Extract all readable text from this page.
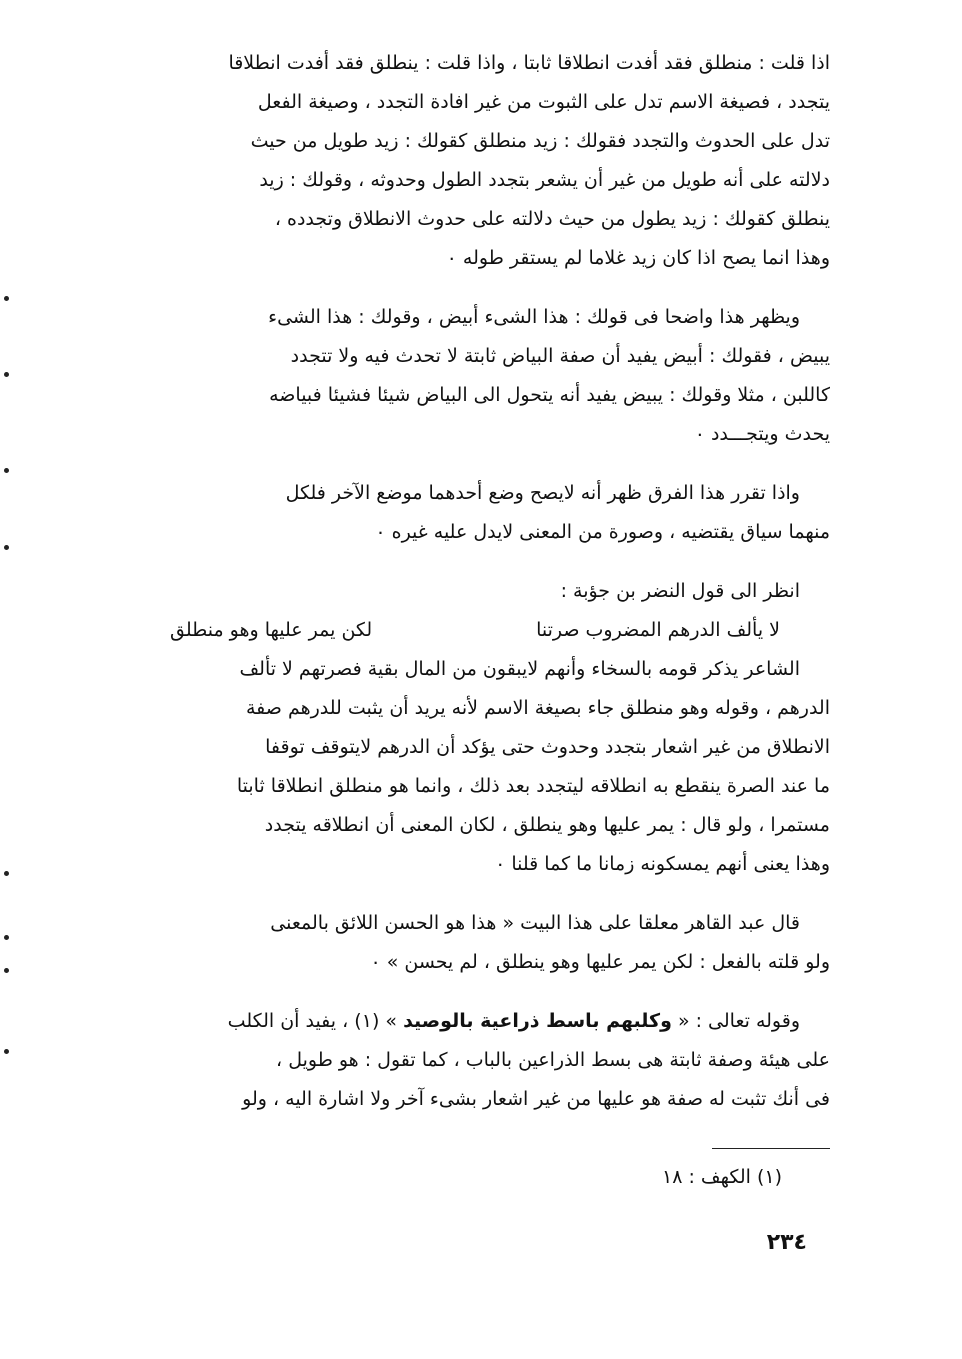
اذا قلت : منطلق فقد أفدت انطلاقا ثابتا ، واذا قلت : ينطلق فقد أفدت انطلاقا
يتجدد ، فصيغة الاسم تدل على الثبوت من غير افادة التجدد ، وصيغة الفعل
تدل على الحدوث والتجدد فقولك : زيد منطلق كقولك : زيد طويل من حيث
دلالته على أنه طويل من غير أن يشعر بتجدد الطول وحدوثه ، وقولك : زيد
ينطلق كقولك : زيد يطول من حيث دلالته على حدوث الانطلاق وتجدده ،
وهذا انما يصح اذا كان زيد غلاما لم يستقر طوله ٠
ويظهر هذا واضحا فى قولك : هذا الشىء أبيض ، وقولك : هذا الشىء
يبيض ، فقولك : أبيض يفيد أن صفة البياض ثابتة لا تحدث فيه ولا تتجدد
كاللبن ، مثلا وقولك : يبيض يفيد أنه يتحول الى البياض شيئا فشيئا فبياضه
يحدث ويتجـــدد ٠
واذا تقرر هذا الفرق ظهر أنه لايصح وضع أحدهما موضع الآخر فلكل
منهما سياق يقتضيه ، وصورة من المعنى لايدل عليه غيره ٠
انظر الى قول النضر بن جؤبة :
لا يألف الدرهم المضروب صرتنا
لكن يمر عليها وهو منطلق
الشاعر يذكر قومه بالسخاء وأنهم لايبقون من المال بقية فصرتهم لا تألف
الدرهم ، وقوله وهو منطلق جاء بصيغة الاسم لأنه يريد أن يثبت للدرهم صفة
الانطلاق من غير اشعار بتجدد وحدوث حتى يؤكد أن الدرهم لايتوقف توقفا
ما عند الصرة ينقطع به انطلاقه ليتجدد بعد ذلك ، وانما هو منطلق انطلاقا ثابتا
مستمرا ، ولو قال : يمر عليها وهو ينطلق ، لكان المعنى أن انطلاقه يتجدد
وهذا يعنى أنهم يمسكونه زمانا ما كما قلنا ٠
قال عبد القاهر معلقا على هذا البيت « هذا هو الحسن اللائق بالمعنى
ولو قلته بالفعل : لكن يمر عليها وهو ينطلق ، لم يحسن » ٠
وقوله تعالى : « وكلبهم باسط ذراعية بالوصيد » (١) ، يفيد أن الكلب
على هيئة وصفة ثابتة هى بسط الذراعين بالباب ، كما تقول : هو طويل ،
فى أنك تثبت له صفة هو عليها من غير اشعار بشىء آخر ولا اشارة اليه ، ولو
(١) الكهف : ١٨
٢٣٤
